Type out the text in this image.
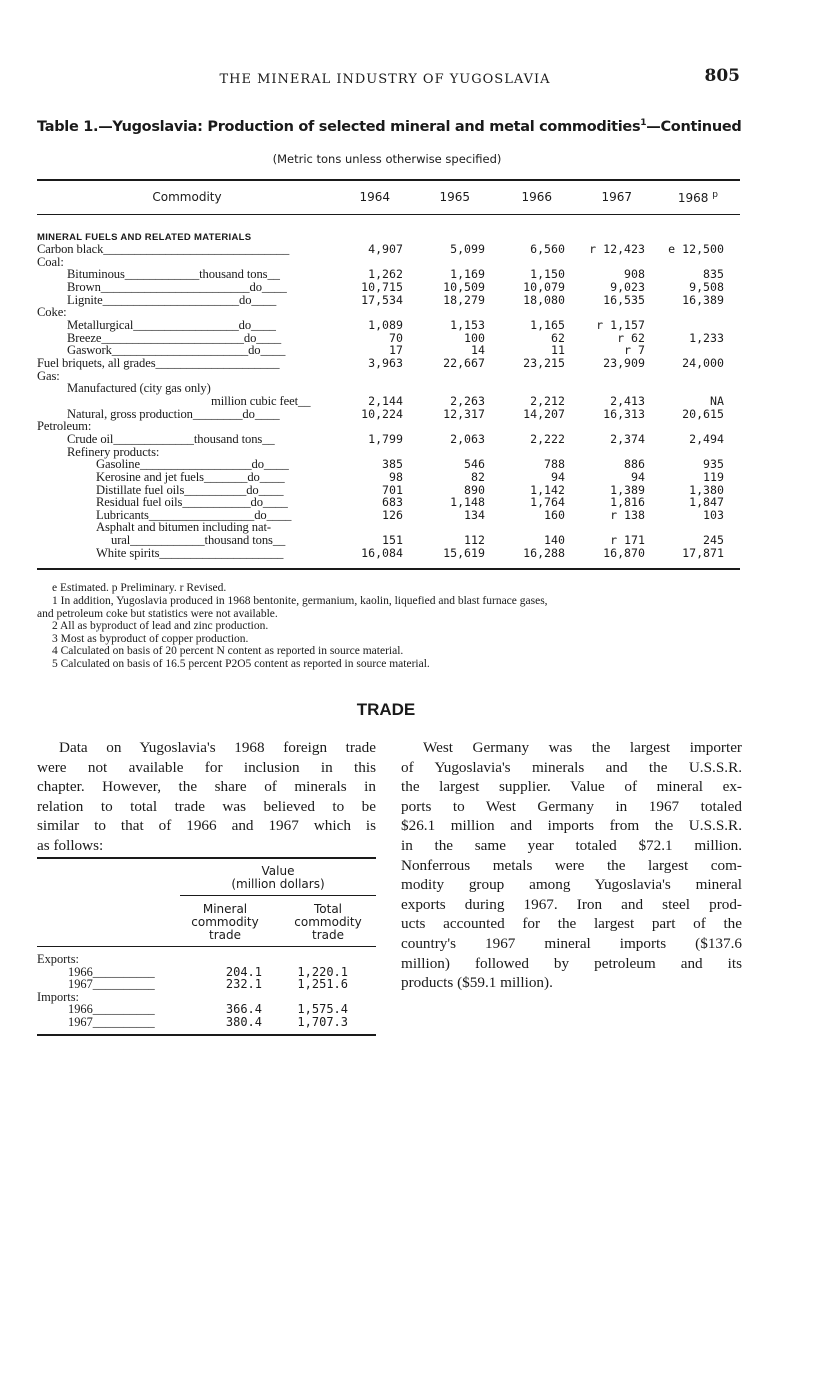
THE MINERAL INDUSTRY OF YUGOSLAVIA	805
Table 1.—Yugoslavia: Production of selected mineral and metal commodities$^1$—Continued
(Metric tons unless otherwise specified)
Commodity	1964	1965	1966	1967	1968 $^p$
MINERAL FUELS AND RELATED MATERIALS
Carbon black______________________________	4,907	5,099	6,560	r 12,423	e 12,500
Coal:
Bituminous____________thousand tons__	1,262	1,169	1,150	908	835
Brown________________________do____	10,715	10,509	10,079	9,023	9,508
Lignite______________________do____	17,534	18,279	18,080	16,535	16,389
Coke:
Metallurgical_________________do____	1,089	1,153	1,165	r 1,157
Breeze_______________________do____	70	100	62	r 62	1,233
Gaswork______________________do____	17	14	11	r 7
Fuel briquets, all grades____________________	3,963	22,667	23,215	23,909	24,000
Gas:
Manufactured (city gas only)
million cubic feet__	2,144	2,263	2,212	2,413	NA
Natural, gross production________do____	10,224	12,317	14,207	16,313	20,615
Petroleum:
Crude oil_____________thousand tons__	1,799	2,063	2,222	2,374	2,494
Refinery products:
Gasoline__________________do____	385	546	788	886	935
Kerosine and jet fuels_______do____	98	82	94	94	119
Distillate fuel oils__________do____	701	890	1,142	1,389	1,380
Residual fuel oils___________do____	683	1,148	1,764	1,816	1,847
Lubricants_________________do____	126	134	160	r 138	103
Asphalt and bitumen including nat-
ural____________thousand tons__	151	112	140	r 171	245
White spirits____________________	16,084	15,619	16,288	16,870	17,871
e Estimated. p Preliminary. r Revised.
1 In addition, Yugoslavia produced in 1968 bentonite, germanium, kaolin, liquefied and blast furnace gases,
and petroleum coke but statistics were not available.
2 All as byproduct of lead and zinc production.
3 Most as byproduct of copper production.
4 Calculated on basis of 20 percent N content as reported in source material.
5 Calculated on basis of 16.5 percent P2O5 content as reported in source material.
TRADE
Data on Yugoslavia's 1968 foreign trade
were not available for inclusion in this
chapter. However, the share of minerals in
relation to total trade was believed to be
similar to that of 1966 and 1967 which is
as follows:
West Germany was the largest importer
of Yugoslavia's minerals and the U.S.S.R.
the largest supplier. Value of mineral ex-
ports to West Germany in 1967 totaled
$26.1 million and imports from the U.S.S.R.
in the same year totaled $72.1 million.
Nonferrous metals were the largest com-
modity group among Yugoslavia's mineral
exports during 1967. Iron and steel prod-
ucts accounted for the largest part of the
country's 1967 mineral imports ($137.6
million) followed by petroleum and its
products ($59.1 million).
Value
(million dollars)
Mineral
commodity
trade
Total
commodity
trade
Exports:
1966__________	204.1	1,220.1
1967__________	232.1	1,251.6
Imports:
1966__________	366.4	1,575.4
1967__________	380.4	1,707.3
